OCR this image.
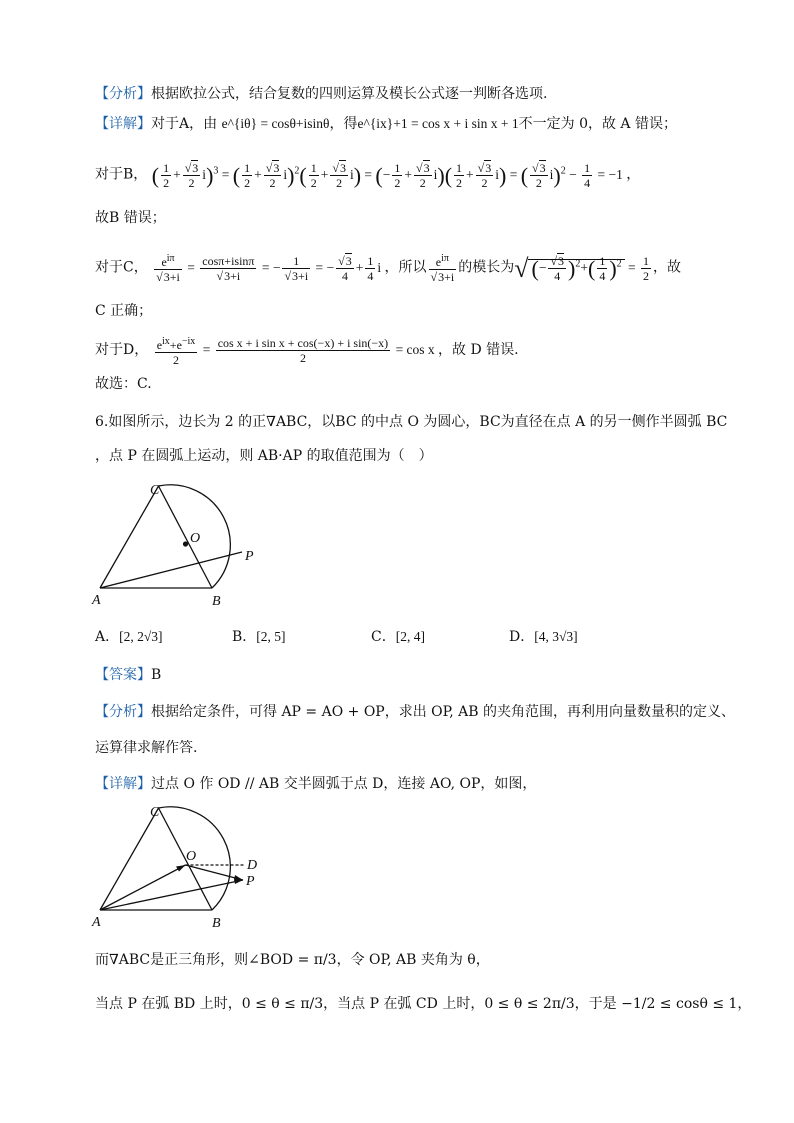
【分析】根据欧拉公式，结合复数的四则运算及模长公式逐一判断各选项.
【详解】对于A，由 e^{iθ} = cosθ+isinθ，得e^{ix}+1 = cos x + i sin x + 1不一定为 0，故 A 错误；
对于B， ( $\frac{1}{2} + \frac{√3}{2} i)^3$ = ( $\frac{1}{2} + \frac{√3}{2} i)^2( \frac{1}{2} + \frac{√3}{2} i)$ = (− $\frac{1}{2} + \frac{√3}{2} i)( \frac{1}{2} + \frac{√3}{2} i)$ = ( $\frac{√3}{2} i)^2 - \frac{1}{4} = -1$ ，
故B 错误；
对于C， $\frac{e^{i\pi}}{√3+i} = \frac{\cos\pi+isin\pi}{√3+i}$ = − $\frac{1}{√3+i}$ = − $\frac{√3}{4} + \frac{1}{4}$ i ，所以 $\frac{e^{i\pi}}{√3+i}$ 的模长为√ (− $\frac{√3}{4} )^2+( \frac{1}{4} )^2 = \frac{1}{2}$ ，故
C 正确；
对于D， $\frac{e^{ix}+e^{-ix}}{2} = \frac{\text{cos x + i sin x + cos(−x) + i sin(−x)}}{2} = \cos x$ ，故 D 错误.
故选：C.
6.如图所示，边长为 2 的正∇ABC，以BC 的中点 O 为圆心，BC为直径在点 A 的另一侧作半圆弧 BC
，点 P 在圆弧上运动，则 AB·AP 的取值范围为（　）
A	B
C
O
P
A．[2, 2√3]	B．[2, 5]	C．[2, 4]	D．[4, 3√3]
【答案】B
【分析】根据给定条件，可得 AP = AO + OP，求出 OP, AB 的夹角范围，再利用向量数量积的定义、
运算律求解作答.
【详解】过点 O 作 OD // AB 交半圆弧于点 D，连接 AO, OP，如图，
A	B
C
O
D
P
而∇ABC是正三角形，则∠BOD = π/3，令 OP, AB 夹角为 θ，
当点 P 在弧 BD 上时，0 ≤ θ ≤ π/3，当点 P 在弧 CD 上时，0 ≤ θ ≤ 2π/3，于是 −1/2 ≤ cosθ ≤ 1，
